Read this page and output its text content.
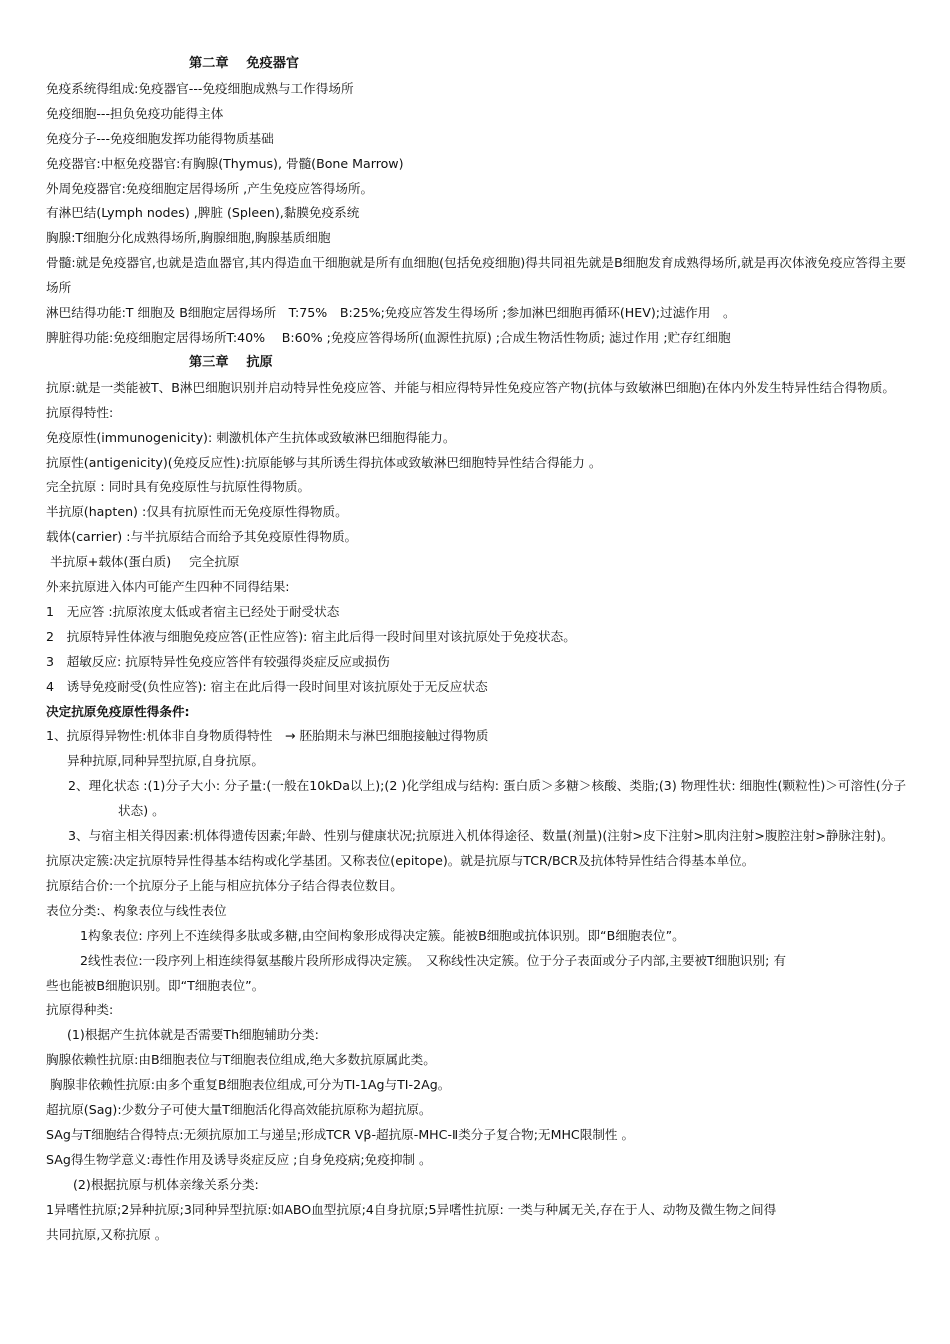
第二章　 免疫器官

免疫系统得组成:免疫器官---免疫细胞成熟与工作得场所

免疫细胞---担负免疫功能得主体

免疫分子---免疫细胞发挥功能得物质基础

免疫器官:中枢免疫器官:有胸腺(Thymus), 骨髓(Bone Marrow)

外周免疫器官:免疫细胞定居得场所 ,产生免疫应答得场所。

有淋巴结(Lymph nodes) ,脾脏 (Spleen),黏膜免疫系统

胸腺:T细胞分化成熟得场所,胸腺细胞,胸腺基质细胞

骨髓:就是免疫器官,也就是造血器官,其内得造血干细胞就是所有血细胞(包括免疫细胞)得共同祖先就是B细胞发育成熟得场所,就是再次体液免疫应答得主要场所

淋巴结得功能:T 细胞及 B细胞定居得场所　T:75%　B:25%;免疫应答发生得场所 ;参加淋巴细胞再循环(HEV);过滤作用　。

脾脏得功能:免疫细胞定居得场所T:40%　 B:60% ;免疫应答得场所(血源性抗原) ;合成生物活性物质; 滤过作用 ;贮存红细胞

第三章　 抗原

抗原:就是一类能被T、B淋巴细胞识别并启动特异性免疫应答、并能与相应得特异性免疫应答产物(抗体与致敏淋巴细胞)在体内外发生特异性结合得物质。

抗原得特性:

免疫原性(immunogenicity): 刺激机体产生抗体或致敏淋巴细胞得能力。

抗原性(antigenicity)(免疫反应性):抗原能够与其所诱生得抗体或致敏淋巴细胞特异性结合得能力 。

完全抗原 : 同时具有免疫原性与抗原性得物质。

半抗原(hapten) :仅具有抗原性而无免疫原性得物质。

载体(carrier) :与半抗原结合而给予其免疫原性得物质。

半抗原+载体(蛋白质) 完全抗原

外来抗原进入体内可能产生四种不同得结果:

1　无应答 :抗原浓度太低或者宿主已经处于耐受状态

2　抗原特异性体液与细胞免疫应答(正性应答): 宿主此后得一段时间里对该抗原处于免疫状态。

3　超敏反应: 抗原特异性免疫应答伴有较强得炎症反应或损伤

4　诱导免疫耐受(负性应答): 宿主在此后得一段时间里对该抗原处于无反应状态

决定抗原免疫原性得条件:

1、抗原得异物性:机体非自身物质得特性　→ 胚胎期未与淋巴细胞接触过得物质

异种抗原,同种异型抗原,自身抗原。

2、理化状态 :(1)分子大小: 分子量:(一般在10kDa以上);(2 )化学组成与结构: 蛋白质＞多糖＞核酸、类脂;(3) 物理性状: 细胞性(颗粒性)＞可溶性(分子状态) 。

3、与宿主相关得因素:机体得遗传因素;年龄、性别与健康状况;抗原进入机体得途径、数量(剂量)(注射>皮下注射>肌肉注射>腹腔注射>静脉注射)。

抗原决定簇:决定抗原特异性得基本结构或化学基团。又称表位(epitope)。就是抗原与TCR/BCR及抗体特异性结合得基本单位。

抗原结合价:一个抗原分子上能与相应抗体分子结合得表位数目。

表位分类:、构象表位与线性表位

1构象表位: 序列上不连续得多肽或多糖,由空间构象形成得决定簇。能被B细胞或抗体识别。即“B细胞表位”。

2线性表位:一段序列上相连续得氨基酸片段所形成得决定簇。　又称线性决定簇。位于分子表面或分子内部,主要被T细胞识别; 有

些也能被B细胞识别。即“T细胞表位”。

抗原得种类:

(1)根据产生抗体就是否需要Th细胞辅助分类:

胸腺依赖性抗原:由B细胞表位与T细胞表位组成,绝大多数抗原属此类。

胸腺非依赖性抗原:由多个重复B细胞表位组成,可分为TI-1Ag与TI-2Ag。

超抗原(Sag):少数分子可使大量T细胞活化得高效能抗原称为超抗原。

SAg与T细胞结合得特点:无须抗原加工与递呈;形成TCR Vβ-超抗原-MHC-Ⅱ类分子复合物;无MHC限制性 。

SAg得生物学意义:毒性作用及诱导炎症反应 ;自身免疫病;免疫抑制 。

(2)根据抗原与机体亲缘关系分类:

1异嗜性抗原;2异种抗原;3同种异型抗原:如ABO血型抗原;4自身抗原;5异嗜性抗原: 一类与种属无关,存在于人、动物及微生物之间得

共同抗原,又称抗原 。
